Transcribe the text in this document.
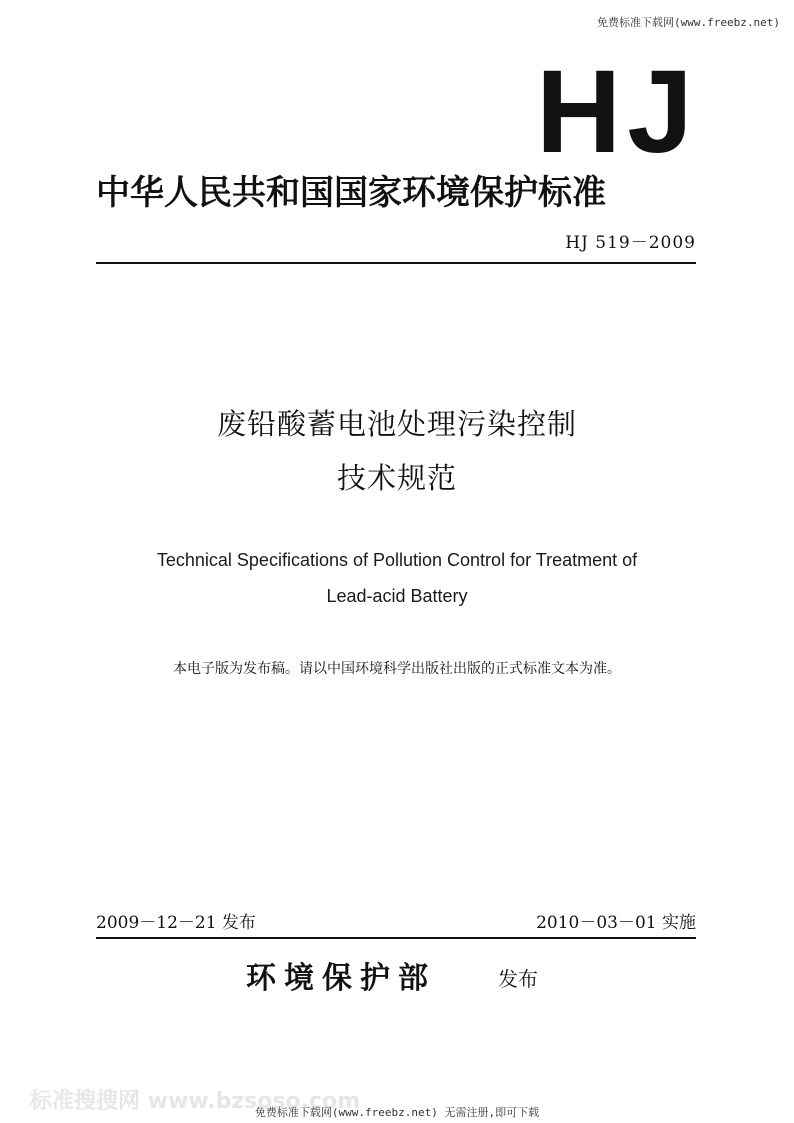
免费标准下载网(www.freebz.net)
HJ
中华人民共和国国家环境保护标准
HJ 519－2009
废铅酸蓄电池处理污染控制
技术规范
Technical Specifications of Pollution Control for Treatment of
Lead-acid Battery
本电子版为发布稿。请以中国环境科学出版社出版的正式标准文本为准。
2009－12－21 发布	2010－03－01 实施
环境保护部	发布
标准搜搜网 www.bzsoso.com
免费标准下载网(www.freebz.net) 无需注册,即可下载
